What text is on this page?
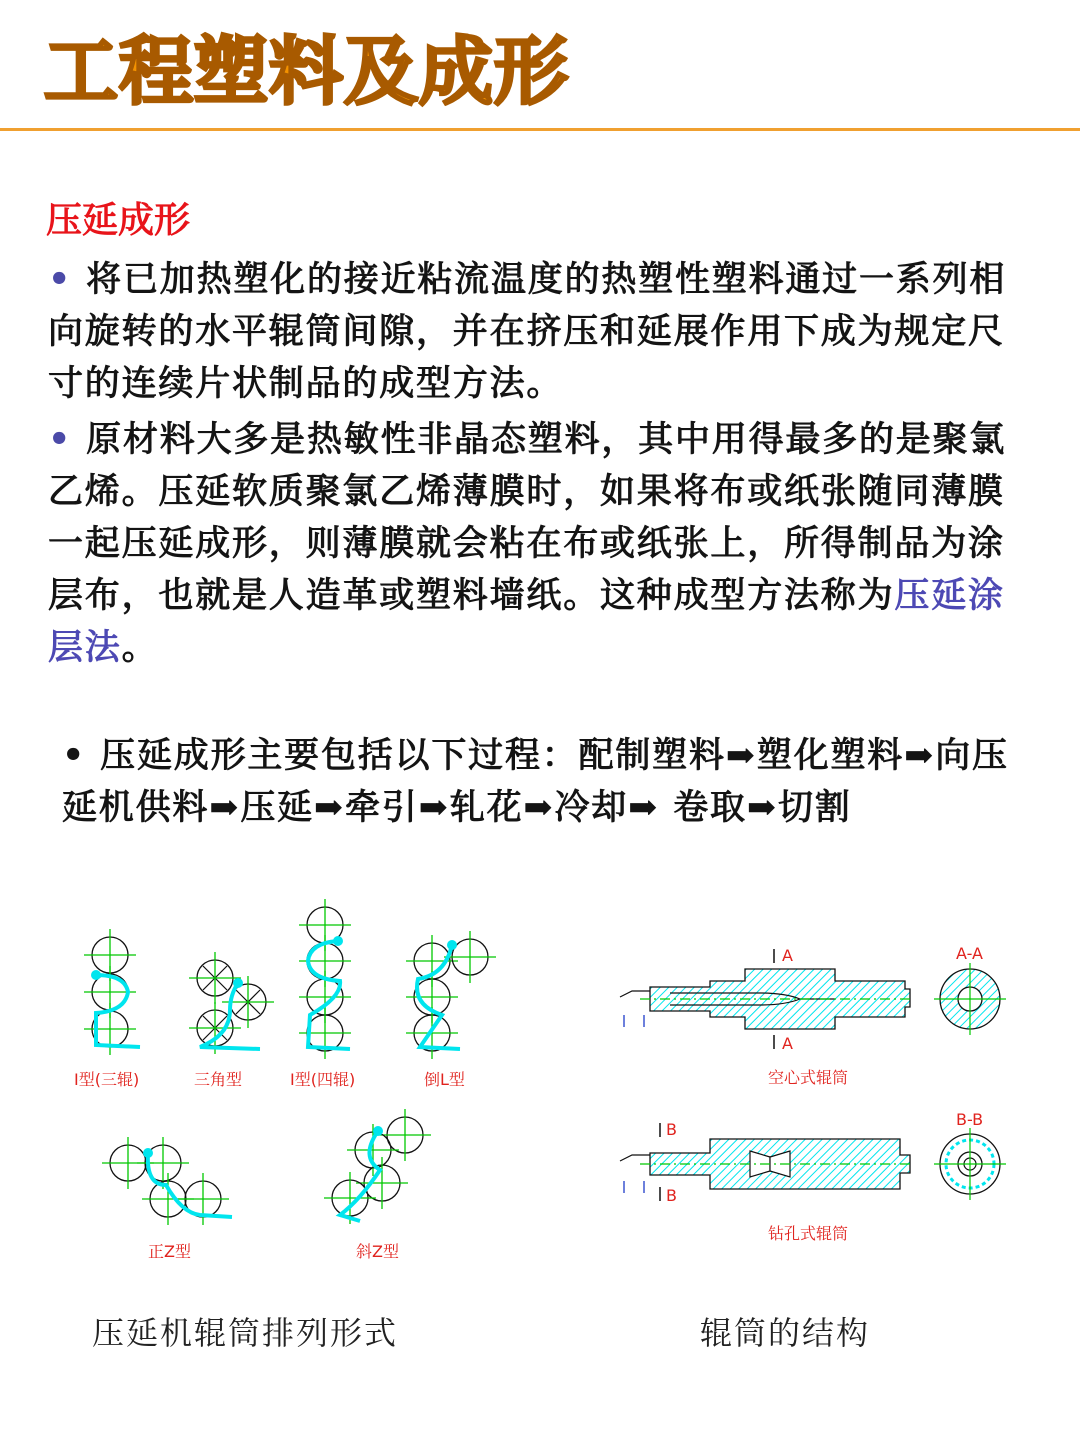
工程塑料及成形
压延成形

• 将已加热塑化的接近粘流温度的热塑性塑料通过一系列相向旋转的水平辊筒间隙，并在挤压和延展作用下成为规定尺寸的连续片状制品的成型方法。

• 原材料大多是热敏性非晶态塑料，其中用得最多的是聚氯乙烯。压延软质聚氯乙烯薄膜时，如果将布或纸张随同薄膜一起压延成形，则薄膜就会粘在布或纸张上，所得制品为涂层布，也就是人造革或塑料墙纸。这种成型方法称为压延涂层法。

• 压延成形主要包括以下过程：配制塑料➡塑化塑料➡向压延机供料➡压延➡牵引➡轧花➡冷却➡ 卷取➡切割

I型(三辊)	三角型	I型(四辊)	倒L型
正Z型	斜Z型

压延机辊筒排列形式

A
A
A-A
空心式辊筒
B
B
B-B
钻孔式辊筒

辊筒的结构
